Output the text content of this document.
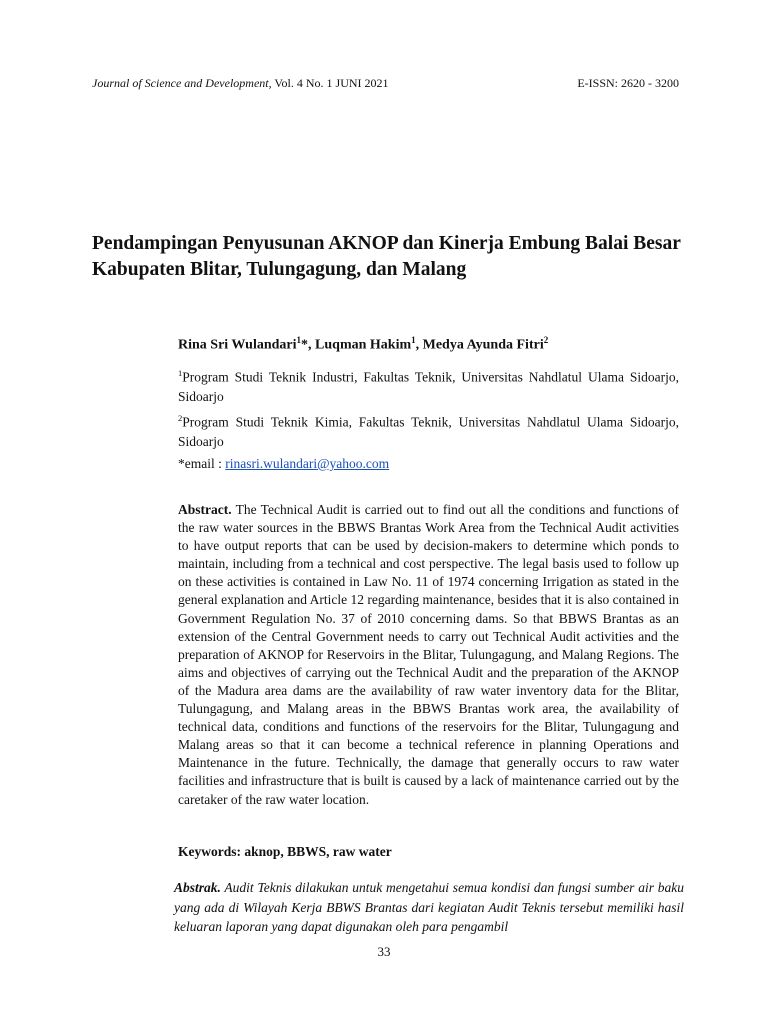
Journal of Science and Development, Vol. 4 No. 1 JUNI 2021	E-ISSN: 2620 - 3200
Pendampingan Penyusunan AKNOP dan Kinerja Embung Balai Besar Kabupaten Blitar, Tulungagung, dan Malang

Rina Sri Wulandari$^1$*, Luqman Hakim$^1$, Medya Ayunda Fitri$^2$

$^1$Program Studi Teknik Industri, Fakultas Teknik, Universitas Nahdlatul Ulama Sidoarjo, Sidoarjo

$^2$Program Studi Teknik Kimia, Fakultas Teknik, Universitas Nahdlatul Ulama Sidoarjo, Sidoarjo

*email : rinasri.wulandari@yahoo.com

Abstract. The Technical Audit is carried out to find out all the conditions and functions of the raw water sources in the BBWS Brantas Work Area from the Technical Audit activities to have output reports that can be used by decision-makers to determine which ponds to maintain, including from a technical and cost perspective. The legal basis used to follow up on these activities is contained in Law No. 11 of 1974 concerning Irrigation as stated in the general explanation and Article 12 regarding maintenance, besides that it is also contained in Government Regulation No. 37 of 2010 concerning dams. So that BBWS Brantas as an extension of the Central Government needs to carry out Technical Audit activities and the preparation of AKNOP for Reservoirs in the Blitar, Tulungagung, and Malang Regions. The aims and objectives of carrying out the Technical Audit and the preparation of the AKNOP of the Madura area dams are the availability of raw water inventory data for the Blitar, Tulungagung, and Malang areas in the BBWS Brantas work area, the availability of technical data, conditions and functions of the reservoirs for the Blitar, Tulungagung and Malang areas so that it can become a technical reference in planning Operations and Maintenance in the future. Technically, the damage that generally occurs to raw water facilities and infrastructure that is built is caused by a lack of maintenance carried out by the caretaker of the raw water location.

Keywords: aknop, BBWS, raw water

Abstrak. Audit Teknis dilakukan untuk mengetahui semua kondisi dan fungsi sumber air baku yang ada di Wilayah Kerja BBWS Brantas dari kegiatan Audit Teknis tersebut memiliki hasil keluaran laporan yang dapat digunakan oleh para pengambil

33
